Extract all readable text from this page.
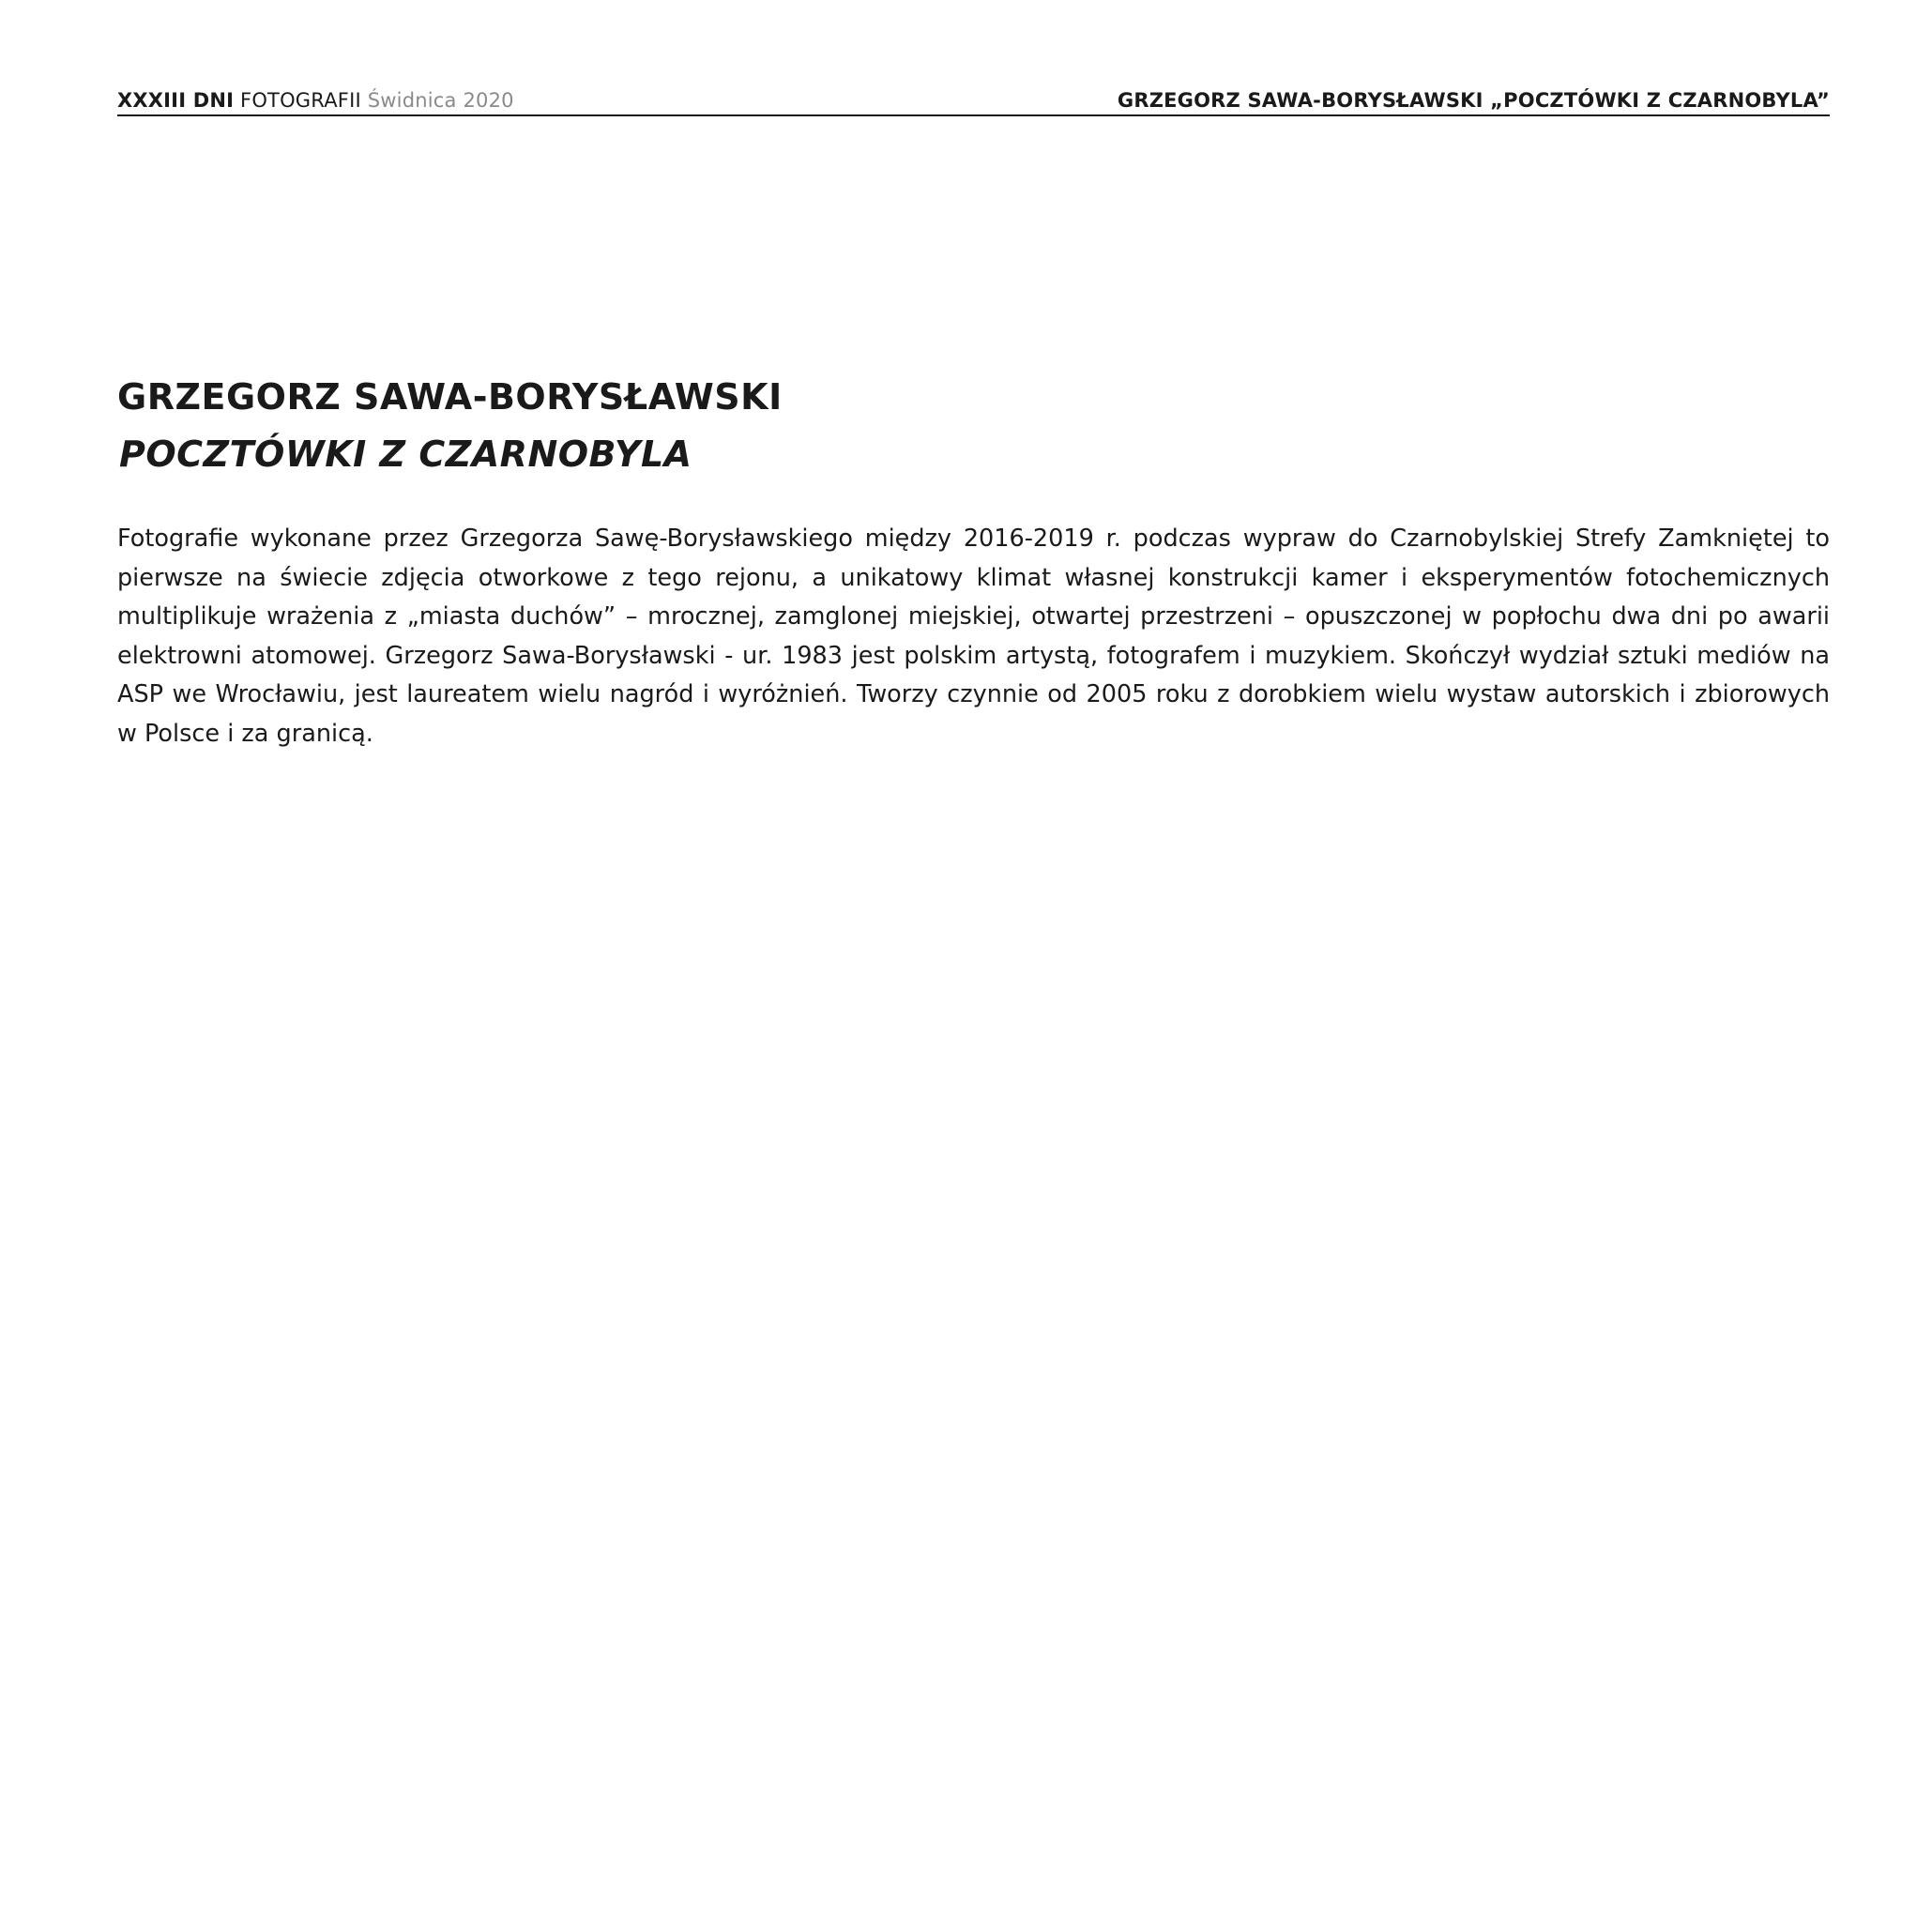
XXXIII DNI FOTOGRAFII Świdnica 2020	GRZEGORZ SAWA-BORYSŁAWSKI „POCZTÓWKI Z CZARNOBYLA”
GRZEGORZ SAWA-BORYSŁAWSKI
POCZTÓWKI Z CZARNOBYLA

Fotografie wykonane przez Grzegorza Sawę-Borysławskiego między 2016-2019 r. podczas wypraw do Czarnobylskiej Strefy Zamkniętej to pierwsze na świecie zdjęcia otworkowe z tego rejonu, a unikatowy klimat własnej konstrukcji kamer i eksperymentów fotochemicznych multiplikuje wrażenia z „miasta duchów” – mrocznej, zamglonej miejskiej, otwartej przestrzeni – opuszczonej w popłochu dwa dni po awarii elektrowni atomowej. Grzegorz Sawa-Borysławski - ur. 1983 jest polskim artystą, fotografem i muzykiem. Skończył wydział sztuki mediów na ASP we Wrocławiu, jest laureatem wielu nagród i wyróżnień. Tworzy czynnie od 2005 roku z dorobkiem wielu wystaw autorskich i zbiorowych w Polsce i za granicą.
